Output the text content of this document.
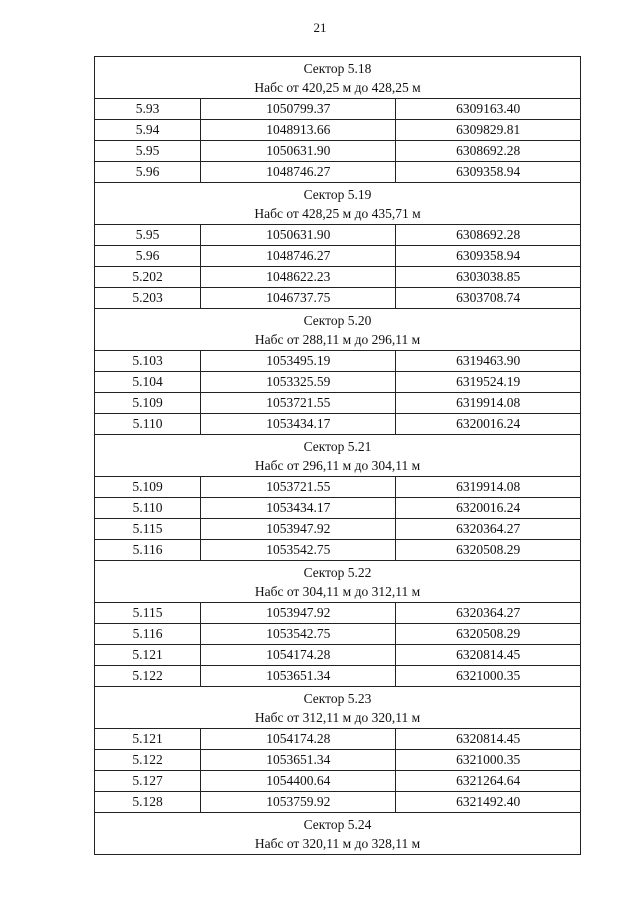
21
Сектор 5.18
Набс от 420,25 м до 428,25 м		

5.93	1050799.37	6309163.40
5.94	1048913.66	6309829.81
5.95	1050631.90	6308692.28
5.96	1048746.27	6309358.94

Сектор 5.19
Набс от 428,25 м до 435,71 м		

5.95	1050631.90	6308692.28
5.96	1048746.27	6309358.94
5.202	1048622.23	6303038.85
5.203	1046737.75	6303708.74

Сектор 5.20
Набс от 288,11 м до 296,11 м		

5.103	1053495.19	6319463.90
5.104	1053325.59	6319524.19
5.109	1053721.55	6319914.08
5.110	1053434.17	6320016.24

Сектор 5.21
Набс от 296,11 м до 304,11 м		

5.109	1053721.55	6319914.08
5.110	1053434.17	6320016.24
5.115	1053947.92	6320364.27
5.116	1053542.75	6320508.29

Сектор 5.22
Набс от 304,11 м до 312,11 м		

5.115	1053947.92	6320364.27
5.116	1053542.75	6320508.29
5.121	1054174.28	6320814.45
5.122	1053651.34	6321000.35

Сектор 5.23
Набс от 312,11 м до 320,11 м		

5.121	1054174.28	6320814.45
5.122	1053651.34	6321000.35
5.127	1054400.64	6321264.64
5.128	1053759.92	6321492.40

Сектор 5.24
Набс от 320,11 м до 328,11 м		
